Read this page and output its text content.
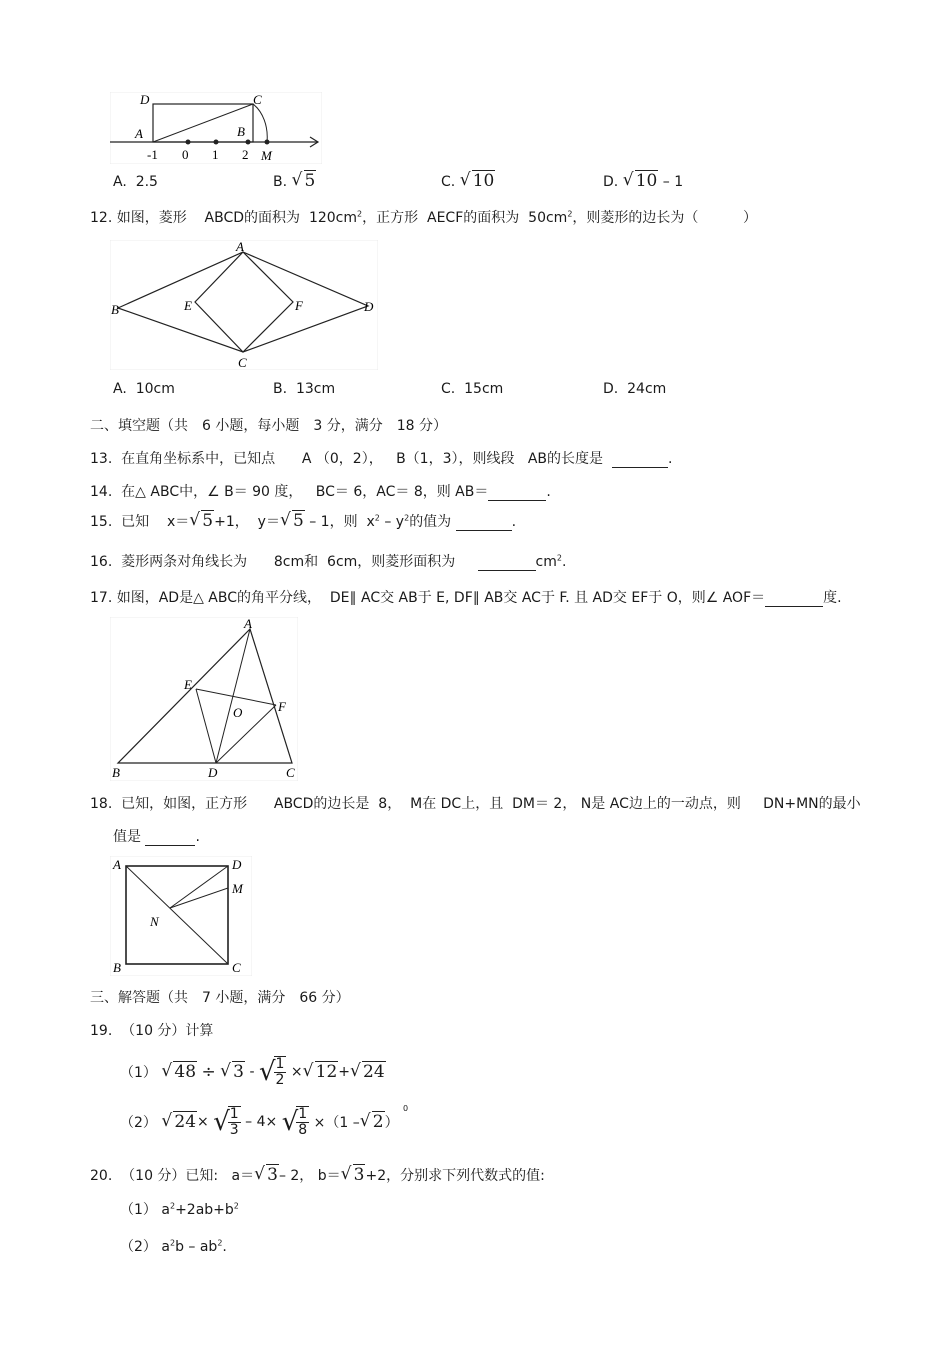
D	C
A	B
-1 0 1 2 M
A. 2.5	B. √ 5	C. √ 10	D. √ 10 – 1
12. 如图，菱形 ABCD的面积为 $120cm^2$，正方形 AECF的面积为 $50cm^2$，则菱形的边长为（	）
A
B
C
D
E	F
A. 10cm	B. 13cm	C. 15cm	D. 24cm
二、填空题（共　6 小题，每小题　3 分，满分　18 分）
13. 在直角坐标系中，已知点 A （0，2）， B（1，3），则线段 AB的长度是	.
14. 在△ ABC中，∠ B＝ 90 度， BC＝ 6，AC＝ 8，则 AB＝	.
15. 已知 x＝ √ 5+1， y＝ √ 5 – 1，则 $x^2 - y^2$的值为	.
16. 菱形两条对角线长为 8cm和 6cm，则菱形面积为	$cm^2$.
17. 如图，AD是△ ABC的角平分线， DE∥ AC交 AB于 E, DF∥ AB交 AC于 F. 且 AD交 EF于 O，则∠ AOF＝	度.
A
B	C
D
E
F
O
18. 已知，如图，正方形 ABCD的边长是 8， M在 DC上，且 DM＝ 2， N是 AC边上的一动点，则 DN+MN的最小
值是	.
A	D
M
N
B	C
三、解答题（共　7 小题，满分　66 分）
19. （10 分）计算
（1） √ 48 ÷ √ 3 - √
$\frac{1}{2}$ × √ 12+ √ 24
（2） √ 24× √
$\frac{1}{3} - 4\times$ √
$\frac{1}{8} \times(1$ – √ 2） $^0$
20. （10 分）已知: a＝ √ 3– 2， b＝ √ 3+2，分别求下列代数式的值:
（1） $a^2+2ab+b^2$
（2） $a^2b - ab^2$.
